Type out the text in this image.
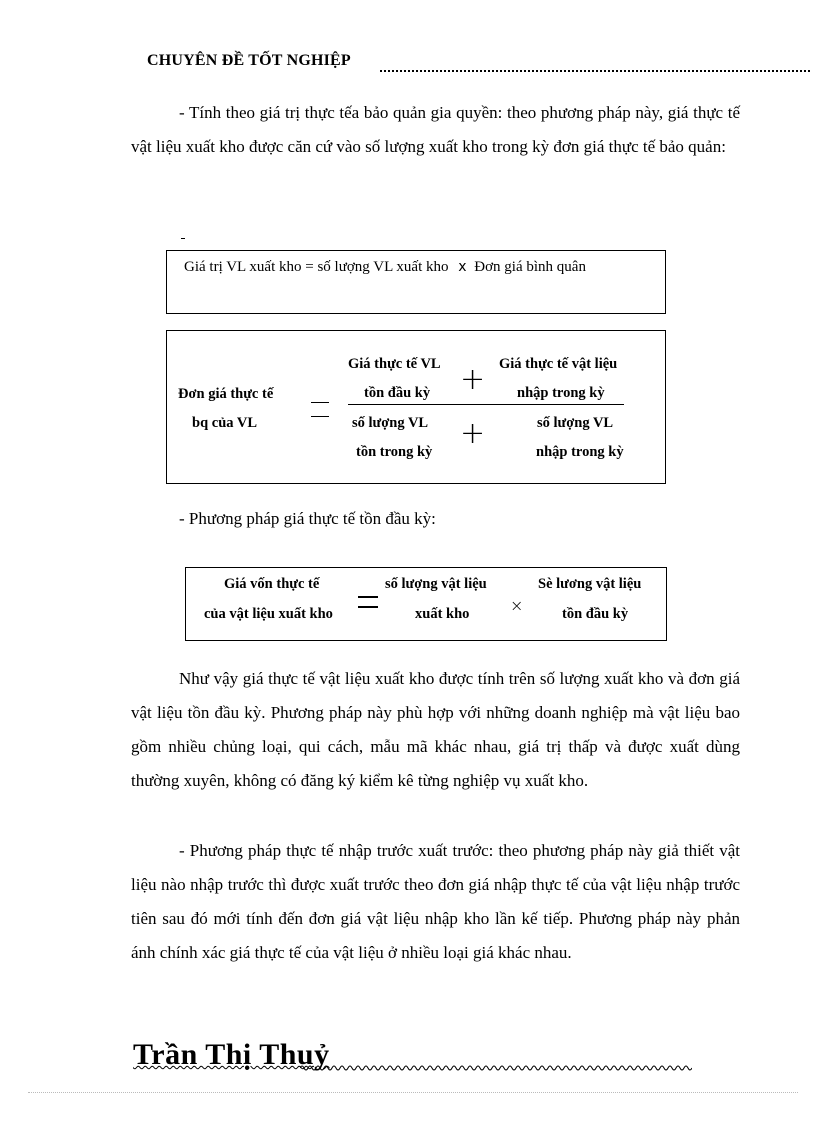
CHUYÊN ĐỀ TỐT NGHIỆP

- Tính theo giá trị thực tếa bảo quản gia quyền: theo phương pháp này, giá thực tế vật liệu xuất kho được căn cứ vào số lượng xuất kho trong kỳ đơn giá thực tế bảo quản:

Giá trị VL xuất kho = số lượng VL xuất kho x Đơn giá bình quân
Đơn giá thực tế
bq của VL
Giá thực tế VL
tồn đầu kỳ + Giá thực tế vật liệu
nhập trong kỳ
số lượng VL
tồn trong kỳ
+	số lượng VL
nhập trong kỳ

- Phương pháp giá thực tế tồn đầu kỳ:

Giá vốn thực tế
của vật liệu xuất kho
số lượng vật liệu
xuất kho	×
Sè lương vật liệu
tồn đầu kỳ

Như vậy giá thực tế vật liệu xuất kho được tính trên số lượng xuất kho và đơn giá vật liệu tồn đầu kỳ. Phương pháp này phù hợp với những doanh nghiệp mà vật liệu bao gồm nhiều chủng loại, qui cách, mẫu mã khác nhau, giá trị thấp và được xuất dùng thường xuyên, không có đăng ký kiểm kê từng nghiệp vụ xuất kho.

- Phương pháp thực tế nhập trước xuất trước: theo phương pháp này giả thiết vật liệu nào nhập trước thì được xuất trước theo đơn giá nhập thực tế của vật liệu nhập trước tiên sau đó mới tính đến đơn giá vật liệu nhập kho lần kế tiếp. Phương pháp này phản ánh chính xác giá thực tế của vật liệu ở nhiều loại giá khác nhau.

Trần Thị Thuỷ
